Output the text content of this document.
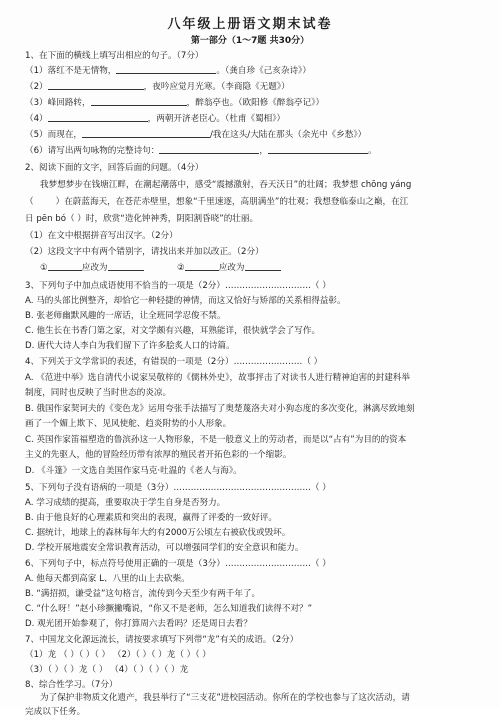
八年级上册语文期末试卷
第一部分（1～7题 共30分）
1、在下面的横线上填写出相应的句子。（7分）
（1）落红不是无情物，	。（龚自珍《己亥杂诗》）
（2）	，夜吟应觉月光寒。（李商隐《无题》）
（3）峰回路转，	，醉翁亭也。（欧阳修《醉翁亭记》）
（4）	，两朝开济老臣心。（杜甫《蜀相》）
（5）而现在，	/我在这头/大陆在那头（余光中《乡愁》）
（6）请写出两句咏物的完整诗句：	，	。
2、阅读下面的文字，回答后面的问题。（4分）
我梦想梦步在钱塘江畔，在潮起潮落中，感受“震撼激射，吞天沃日”的壮阔；我梦想 chōng yáng
（	）在蔚蓝海天，在苍茫赤壁里，想象“千里速逐，高朋满坐”的壮观；我想登临泰山之巅，在江
日 pēn bó（ ）时，欣赏“造化钟神秀，阴阳割昏晓”的壮丽。
（1）在文中根据拼音写出汉字。（2分）
（2）这段文字中有两个错别字，请找出来并加以改正。（2分）
①	应改为	②	应改为
3、下列句子中加点成语使用不恰当的一项是（2分）…………………………（ ）
A. 马的头部比例整齐，却恰它一种轻捷的神情，而这又恰好与矫部的关系相得益彰。
B. 张老师幽默风趣的一席话，让全班同学忍俊不禁。
C. 他生长在书香门第之家，对文学颇有兴趣，耳熟能详，很快就学会了写作。
D. 唐代大诗人李白为我们留下了许多脍炙人口的诗篇。
4、下列关于文学常识的表述，有错误的一项是（2分）……………………（ ）
A. 《范进中举》选自清代小说家吴敬梓的《儒林外史》，故事抨击了对读书人进行精神迫害的封建科举
制度，同时也反映了当时世态的炎凉。
B. 俄国作家契诃夫的《变色龙》运用夸张手法描写了奥楚蔑洛夫对小狗态度的多次变化，淋漓尽致地刻
画了一个媚上欺下、见风使舵、趋炎附势的小人形象。
C. 英国作家笛福塑造的鲁滨孙这一人物形象，不是一般意义上的劳动者，而是以“占有”为目的的资本
主义的先驱人，他的冒险经历带有浓厚的殖民者开拓色彩的一个缩影。
D. 《斗篷》一文选自美国作家马克·吐温的《老人与海》。
5、下列句子没有语病的一项是（3分）…………………………………………（ ）
A. 学习成绩的提高，重要取决于学生自身是否努力。
B. 由于他良好的心理素质和突出的表现，赢得了评委的一致好评。
C. 据统计，地球上的森林每年大约有2000万公顷左右被砍伐或毁坏。
D. 学校开展地震安全常识教育活动，可以增强同学们的安全意识和能力。
6、下列句子中，标点符号使用正确的一项是（3分）…………………………（ ）
A. 他每天都到高家 L、八里的山上去砍柴。
B. “满招损，谦受益”这句格言，流传到今天至少有两千年了。
C. “什么呀！”赵小珍撅撇嘴说，“你又不是老师，怎么知道我们读得不对？”
D. 观光团开始参观了，你打算周六去看吗？还是周日去看？
7、中国龙文化源远流长，请按要求填写下列带“龙”有关的成语。（2分）
（1）龙 （ ）（ ）（ ） （2）（ ）（ ）龙（ ）（ ）
（3）（ ）（ ）龙（ ） （4）（ ）（ ）（ ）龙
8、综合性学习。（7分）
为了保护非物质文化遗产，我县举行了“三支花”进校园活动。你所在的学校也参与了这次活动，请
完成以下任务。
